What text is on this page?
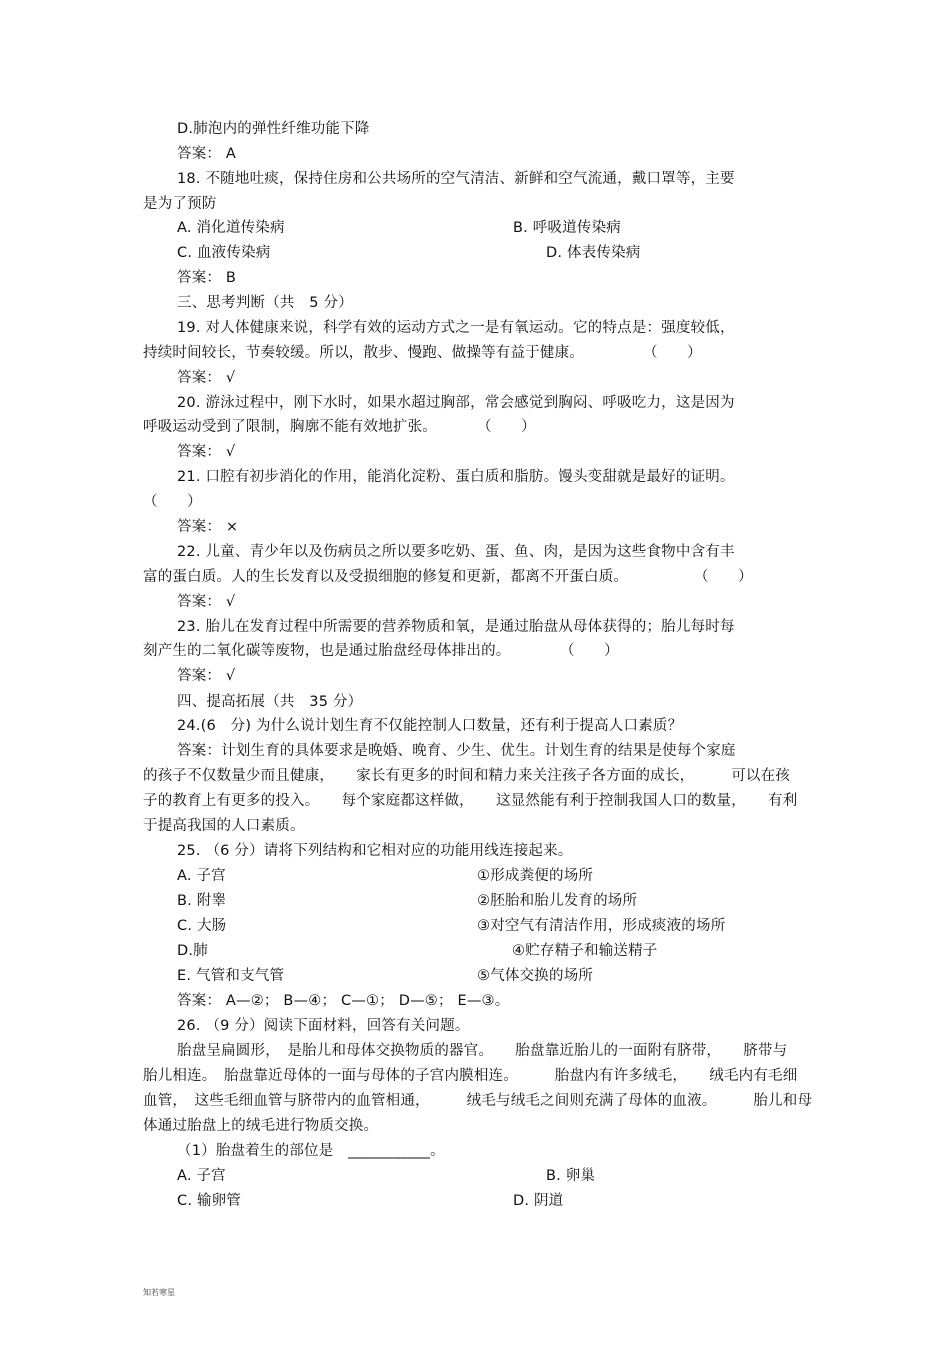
D.肺泡内的弹性纤维功能下降
答案： A
18. 不随地吐痰，保持住房和公共场所的空气清洁、新鲜和空气流通，戴口罩等，主要
是为了预防
A. 消化道传染病	B. 呼吸道传染病
C. 血液传染病	D. 体表传染病
答案： B
三、思考判断（共　5 分）
19. 对人体健康来说，科学有效的运动方式之一是有氧运动。它的特点是：强度较低，
持续时间较长，节奏较缓。所以，散步、慢跑、做操等有益于健康。	（　　）
答案： √
20. 游泳过程中，刚下水时，如果水超过胸部，常会感觉到胸闷、呼吸吃力，这是因为
呼吸运动受到了限制，胸廓不能有效地扩张。	（　　）
答案： √
21. 口腔有初步消化的作用，能消化淀粉、蛋白质和脂肪。馒头变甜就是最好的证明。
（　　）
答案： ×
22. 儿童、青少年以及伤病员之所以要多吃奶、蛋、鱼、肉，是因为这些食物中含有丰
富的蛋白质。人的生长发育以及受损细胞的修复和更新，都离不开蛋白质。	（　　）
答案： √
23. 胎儿在发育过程中所需要的营养物质和氧，是通过胎盘从母体获得的；胎儿每时每
刻产生的二氧化碳等废物，也是通过胎盘经母体排出的。	（　　）
答案： √
四、提高拓展（共　35 分）
24.(6　分) 为什么说计划生育不仅能控制人口数量，还有利于提高人口素质？
答案：计划生育的具体要求是晚婚、晚育、少生、优生。计划生育的结果是使每个家庭
的孩子不仅数量少而且健康，　　家长有更多的时间和精力来关注孩子各方面的成长，　　　可以在孩
子的教育上有更多的投入。　　每个家庭都这样做，　　这显然能有利于控制我国人口的数量，　　有利
于提高我国的人口素质。
25. （6 分）请将下列结构和它相对应的功能用线连接起来。
A. 子宫	①形成粪便的场所
B. 附睾	②胚胎和胎儿发育的场所
C. 大肠	③对空气有清洁作用，形成痰液的场所
D.肺	④贮存精子和输送精子
E. 气管和支气管	⑤气体交换的场所
答案： A—②； B—④； C—①； D—⑤； E—③。
26. （9 分）阅读下面材料，回答有关问题。
胎盘呈扁圆形，　是胎儿和母体交换物质的器官。　　胎盘靠近胎儿的一面附有脐带，　　脐带与
胎儿相连。　胎盘靠近母体的一面与母体的子宫内膜相连。　　　胎盘内有许多绒毛，　　绒毛内有毛细
血管，　这些毛细血管与脐带内的血管相通，　　　绒毛与绒毛之间则充满了母体的血液。　　　胎儿和母
体通过胎盘上的绒毛进行物质交换。
（1）胎盘着生的部位是　___________。
A. 子宫	B. 卵巢
C. 输卵管	D. 阴道
知若寒星
